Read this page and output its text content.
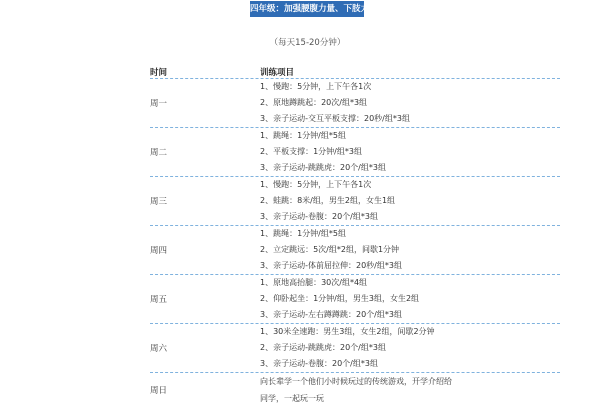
四年级：加强腰腹力量、下肢力量
（每天15-20分钟）
时间	训练项目
周一
1、慢跑：5分钟，上下午各1次
2、原地蹲跳起：20次/组*3组
3、亲子运动-交互平板支撑：20秒/组*3组
周二
1、跳绳：1分钟/组*5组
2、平板支撑：1分钟/组*3组
3、亲子运动-跳跳虎：20个/组*3组
周三
1、慢跑：5分钟，上下午各1次
2、蛙跳：8米/组，男生2组，女生1组
3、亲子运动-卷腹：20个/组*3组
周四
1、跳绳：1分钟/组*5组
2、立定跳远：5次/组*2组，间歇1分钟
3、亲子运动-体前屈拉伸：20秒/组*3组
周五
1、原地高抬腿：30次/组*4组
2、仰卧起坐：1分钟/组，男生3组，女生2组
3、亲子运动-左右蹲蹲跳：20个/组*3组
周六
1、30米全速跑：男生3组，女生2组，间歇2分钟
2、亲子运动-跳跳虎：20个/组*3组
3、亲子运动-卷腹：20个/组*3组
周日
向长辈学一个他们小时候玩过的传统游戏，开学介绍给同学，一起玩一玩
